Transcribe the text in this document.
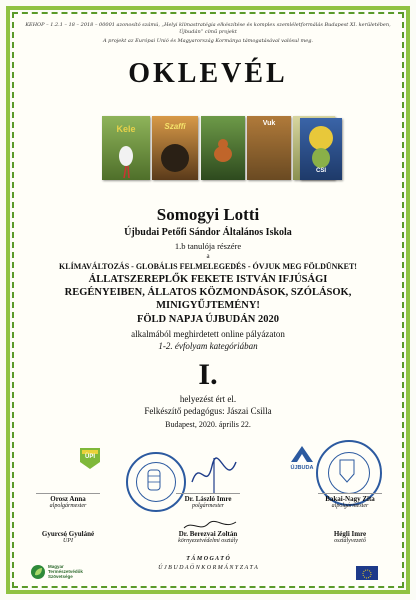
KEHOP – 1.2.1 – 18 – 2018 – 00001 azonosító számú, „Helyi klímastratégia elkészítése és komplex szemléletformálás Budapest XI. kerületében,
Újbudán” című projekt
A projekt az Európai Unió és Magyarország Kormánya támogatásával valósul meg.
OKLEVÉL
Kele	Szaffi	Vuk
CSI
Somogyi Lotti
Újbudai Petőfi Sándor Általános Iskola
1.b tanulója részére
a
KLÍMAVÁLTOZÁS - GLOBÁLIS FELMELEGEDÉS - ÓVJUK MEG FÖLDÜNKET!
ÁLLATSZEREPLŐK FEKETE ISTVÁN IFJÚSÁGI
REGÉNYEIBEN, ÁLLATOS KÖZMONDÁSOK, SZÓLÁSOK,
MINIGYŰJTEMÉNY!
FÖLD NAPJA ÚJBUDÁN 2020
alkalmából meghirdetett online pályázaton
1-2. évfolyam kategóriában
I.
helyezést ért el.
Felkészítő pedagógus: Jászai Csilla
Budapest, 2020. április 22.
ÜPI
ÚJBUDA
Orosz Anna
alpolgármester
Dr. László Imre
polgármester
Bakai-Nagy Zita
alpolgármester
Gyurcsó Gyuláné
ÜPI
Dr. Berezvai Zoltán
környezetvédelmi osztály
Hégli Imre
osztályvezető
T Á M O G A T Ó
Ú J B U D A Ö N K O R M Á N Y Z A T A
Magyar
Természetvédők
Szövetsége
